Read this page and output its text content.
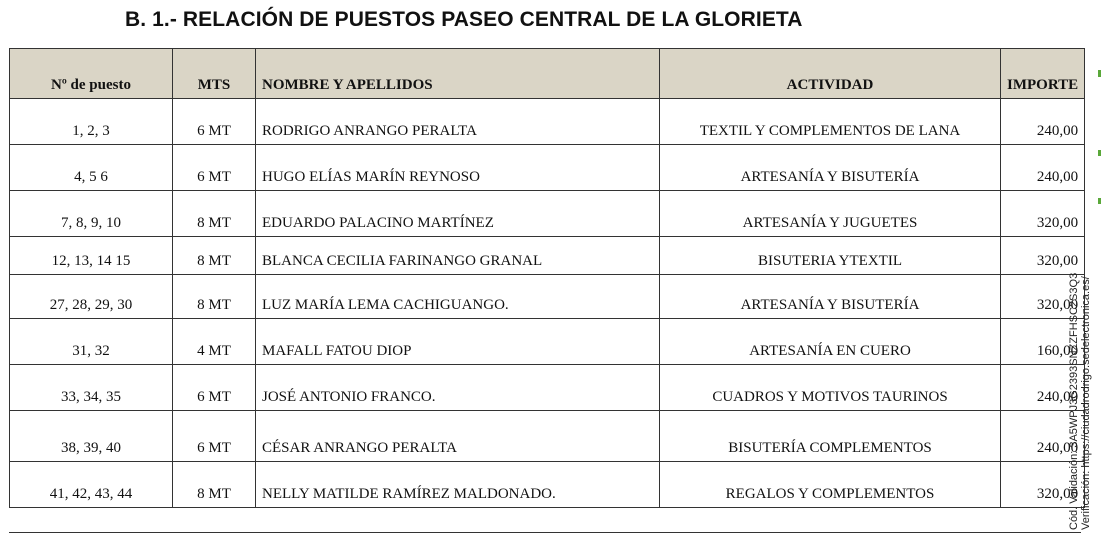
B. 1.- RELACIÓN DE PUESTOS PASEO CENTRAL DE LA GLORIETA
Nº de puesto	MTS	NOMBRE Y APELLIDOS	ACTIVIDAD	IMPORTE
1, 2, 3	6 MT	RODRIGO ANRANGO PERALTA	TEXTIL Y COMPLEMENTOS DE LANA	240,00
4, 5 6	6 MT	HUGO ELÍAS MARÍN REYNOSO	ARTESANÍA Y BISUTERÍA	240,00
7, 8, 9, 10	8 MT	EDUARDO PALACINO MARTÍNEZ	ARTESANÍA Y JUGUETES	320,00
12, 13, 14 15	8 MT	BLANCA CECILIA FARINANGO GRANAL	BISUTERIA YTEXTIL	320,00
27, 28, 29, 30	8 MT	LUZ MARÍA LEMA CACHIGUANGO.	ARTESANÍA Y BISUTERÍA	320,00
31, 32	4 MT	MAFALL FATOU DIOP	ARTESANÍA EN CUERO	160,00
33, 34, 35	6 MT	JOSÉ ANTONIO FRANCO.	CUADROS Y MOTIVOS TAURINOS	240,00
38, 39, 40	6 MT	CÉSAR ANRANGO PERALTA	BISUTERÍA COMPLEMENTOS	240,00
41, 42, 43, 44	8 MT	NELLY MATILDE RAMÍREZ MALDONADO.	REGALOS Y COMPLEMENTOS	320,00
Cód. Validación: 3A5WPJ3G2393SNZZFHSC2S3Q3 Verificación: https://ciudadrodrigo.sedelectronica.es/
